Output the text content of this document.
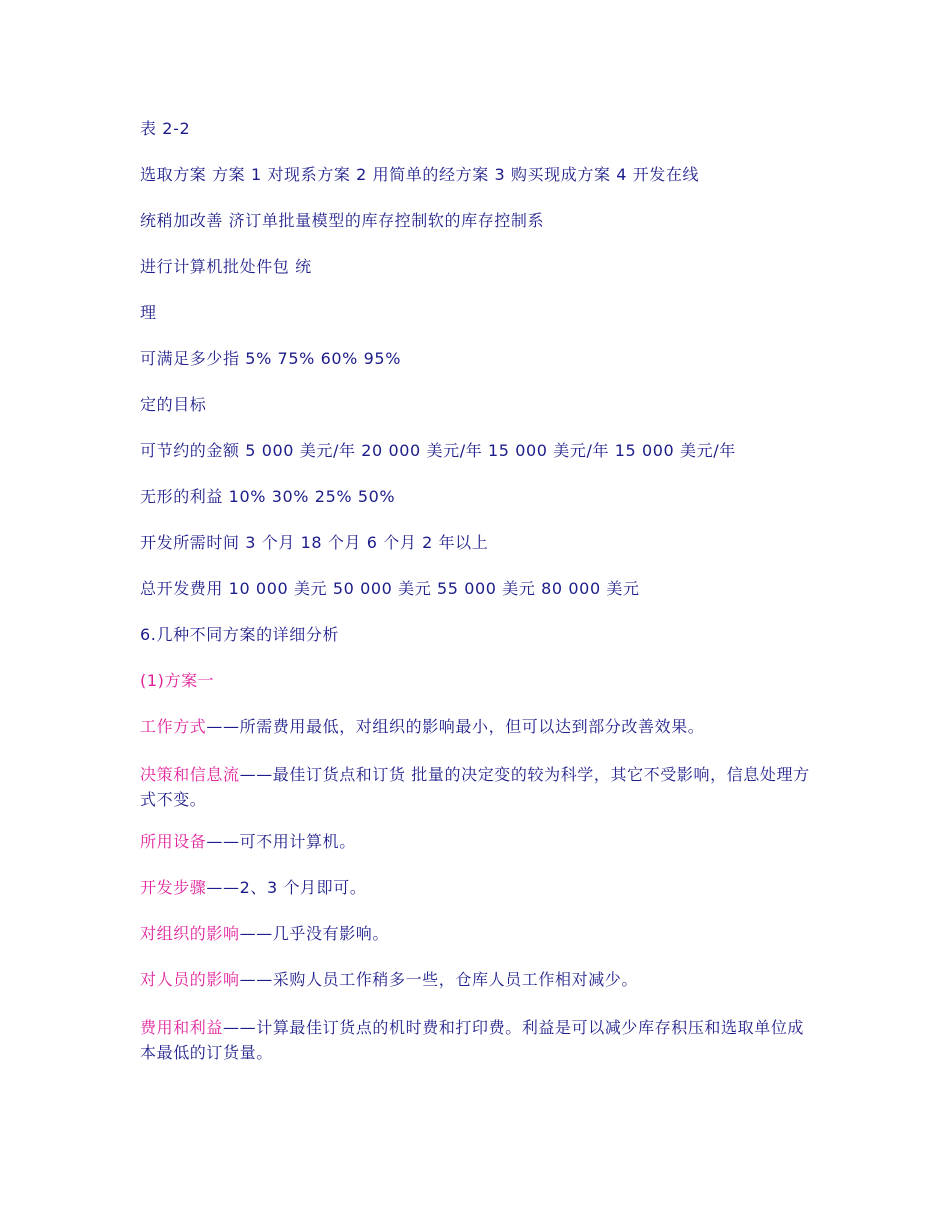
表 2-2

选取方案 方案 1 对现系方案 2 用简单的经方案 3 购买现成方案 4 开发在线

统稍加改善 济订单批量模型的库存控制软的库存控制系

进行计算机批处件包 统

理

可满足多少指 5% 75% 60% 95%

定的目标

可节约的金额 5 000 美元/年 20 000 美元/年 15 000 美元/年 15 000 美元/年

无形的利益 10% 30% 25% 50%

开发所需时间 3 个月 18 个月 6 个月 2 年以上

总开发费用 10 000 美元 50 000 美元 55 000 美元 80 000 美元

6.几种不同方案的详细分析

(1)方案一

工作方式——所需费用最低，对组织的影响最小，但可以达到部分改善效果。

决策和信息流——最佳订货点和订货 批量的决定变的较为科学，其它不受影响，信息处理方式不变。

所用设备——可不用计算机。

开发步骤——2、3 个月即可。

对组织的影响——几乎没有影响。

对人员的影响——采购人员工作稍多一些，仓库人员工作相对减少。

费用和利益——计算最佳订货点的机时费和打印费。利益是可以减少库存积压和选取单位成本最低的订货量。
